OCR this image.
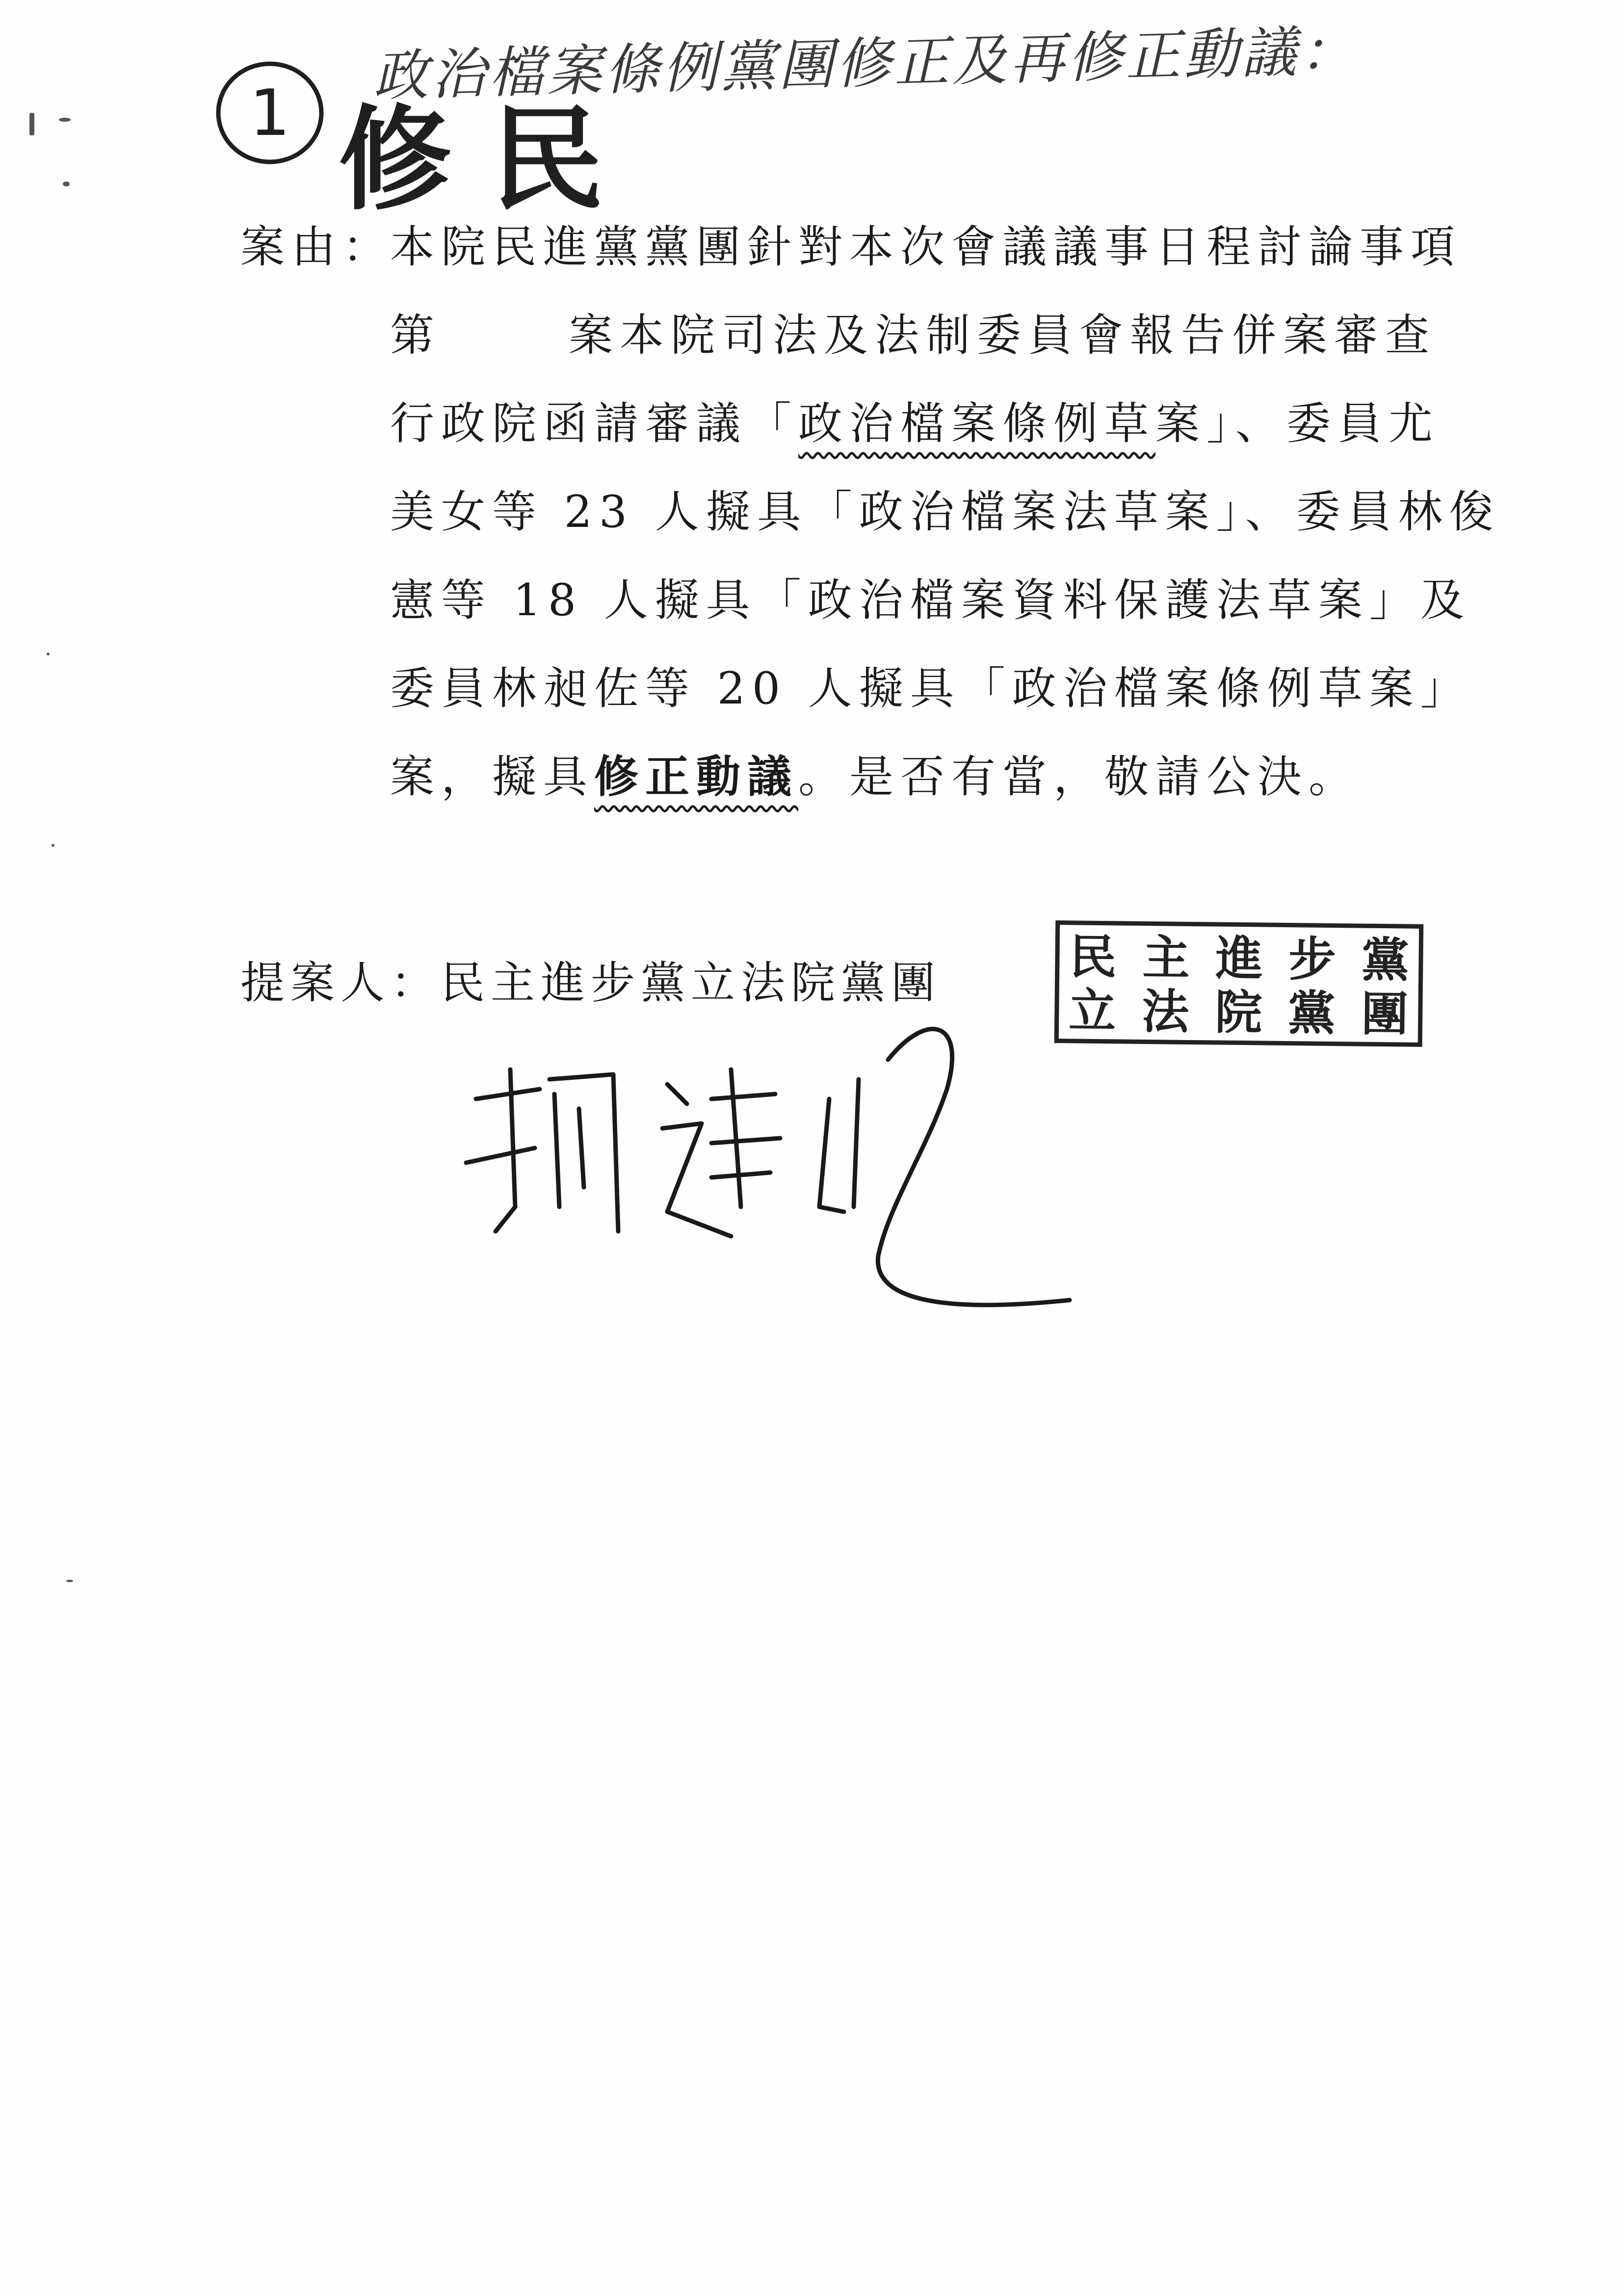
政治檔案條例黨團修正及再修正動議：
1 修 民
案由：
本院民進黨黨團針對本次會議議事日程討論事項
第	案本院司法及法制委員會報告併案審查
行政院函請審議「政治檔案條例草案」、委員尤
美女等 23 人擬具「政治檔案法草案」、委員林俊
憲等 18 人擬具「政治檔案資料保護法草案」及
委員林昶佐等 20 人擬具「政治檔案條例草案」
案，擬具修正動議。是否有當，敬請公決。
提案人：民主進步黨立法院黨團	民 主 進 步 黨
立 法 院 黨 團
